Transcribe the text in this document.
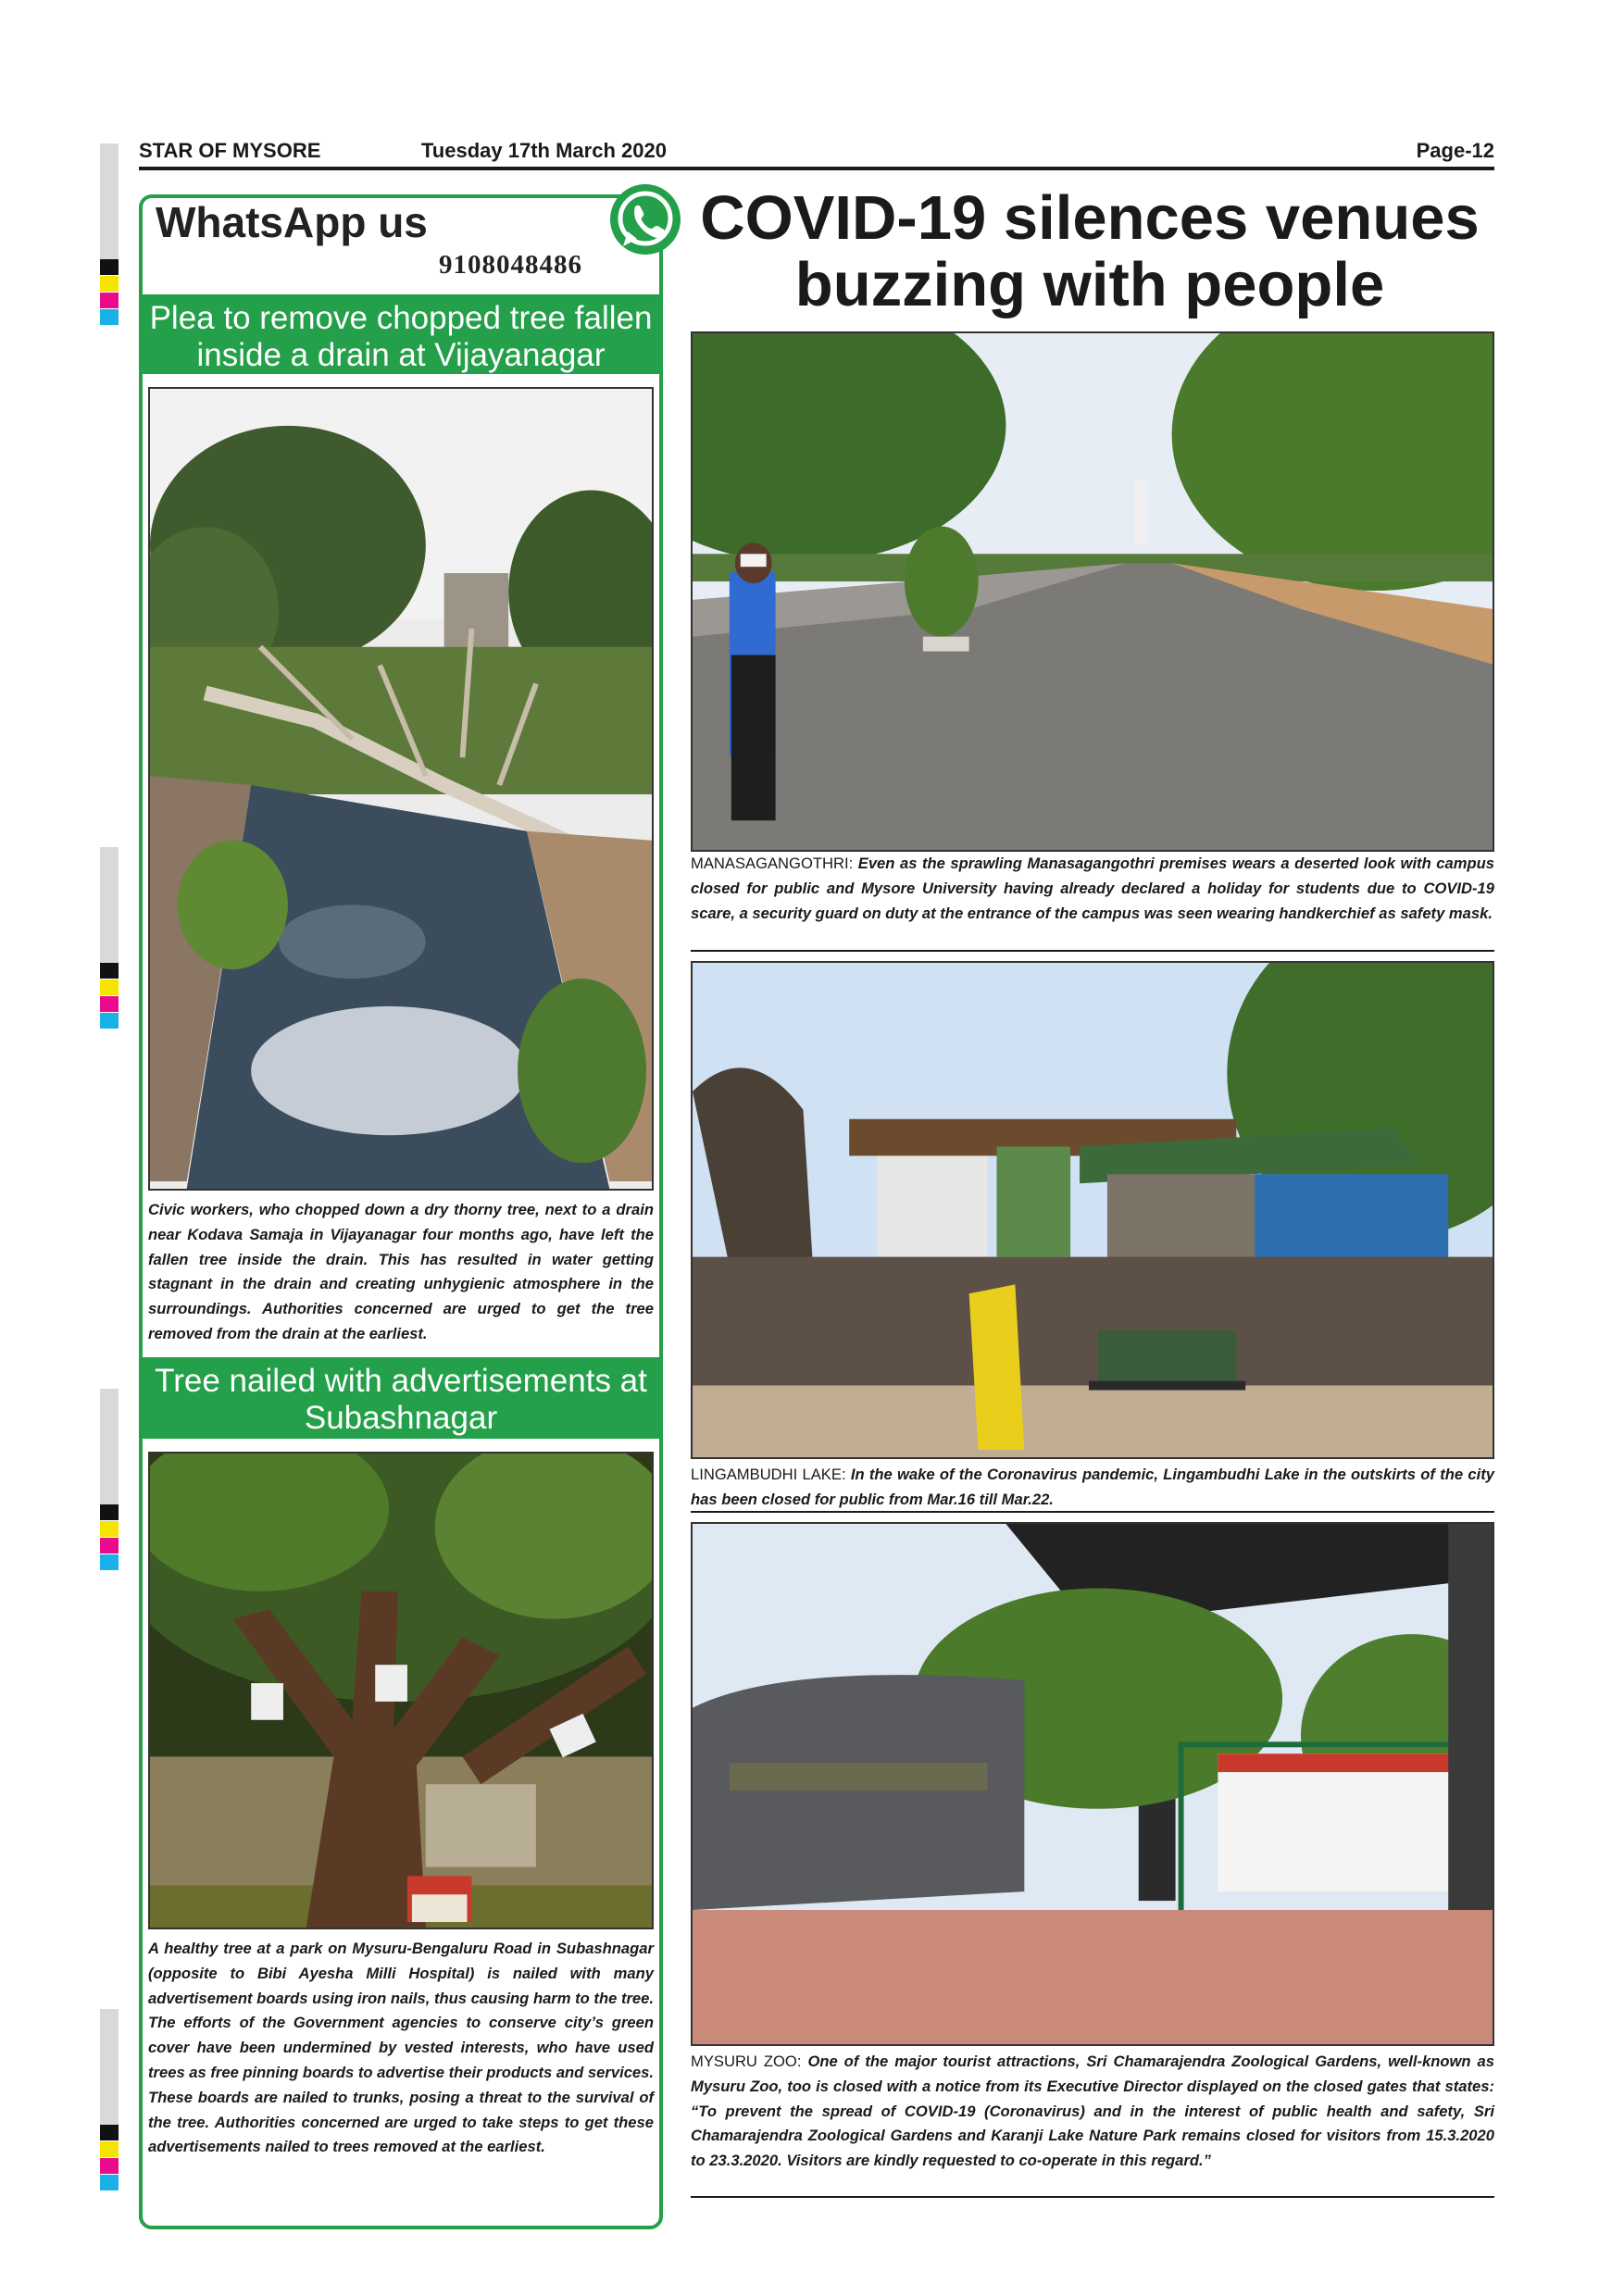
STAR OF MYSORE	Tuesday 17th March 2020	Page-12
WhatsApp us
9108048486
Plea to remove chopped tree fallen inside a drain at Vijayanagar
Civic workers, who chopped down a dry thorny tree, next to a drain near Kodava Samaja in Vijayanagar four months ago, have left the fallen tree inside the drain. This has resulted in water getting stagnant in the drain and creating unhygienic atmosphere in the surroundings. Authorities concerned are urged to get the tree removed from the drain at the earliest.
Tree nailed with advertisements at Subashnagar
A healthy tree at a park on Mysuru-Bengaluru Road in Subashnagar (opposite to Bibi Ayesha Milli Hospital) is nailed with many advertisement boards using iron nails, thus causing harm to the tree. The efforts of the Government agencies to conserve city’s green cover have been undermined by vested interests, who have used trees as free pinning boards to advertise their products and services. These boards are nailed to trunks, posing a threat to the survival of the tree. Authorities concerned are urged to take steps to get these advertisements nailed to trees removed at the earliest.
COVID-19 silences venues buzzing with people
MANASAGANGOTHRI: Even as the sprawling Manasagangothri premises wears a deserted look with campus closed for public and Mysore University having already declared a holiday for students due to COVID-19 scare, a security guard on duty at the entrance of the campus was seen wearing handkerchief as safety mask.
LINGAMBUDHI LAKE: In the wake of the Coronavirus pandemic, Lingambudhi Lake in the outskirts of the city has been closed for public from Mar.16 till Mar.22.
MYSURU ZOO: One of the major tourist attractions, Sri Chamarajendra Zoological Gardens, well-known as Mysuru Zoo, too is closed with a notice from its Executive Director displayed on the closed gates that states: “To prevent the spread of COVID-19 (Coronavirus) and in the interest of public health and safety, Sri Chamarajendra Zoological Gardens and Karanji Lake Nature Park remains closed for visitors from 15.3.2020 to 23.3.2020. Visitors are kindly requested to co-operate in this regard.”
